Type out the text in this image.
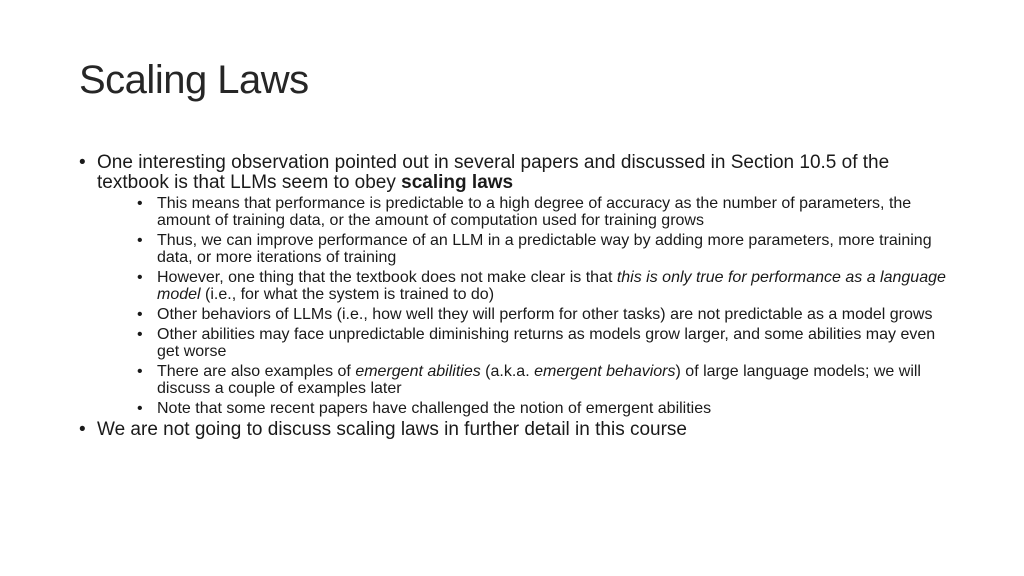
Scaling Laws
• One interesting observation pointed out in several papers and discussed in Section 10.5 of the textbook is that LLMs seem to obey scaling laws
• This means that performance is predictable to a high degree of accuracy as the number of parameters, the amount of training data, or the amount of computation used for training grows
• Thus, we can improve performance of an LLM in a predictable way by adding more parameters, more training data, or more iterations of training
• However, one thing that the textbook does not make clear is that this is only true for performance as a language model (i.e., for what the system is trained to do)
• Other behaviors of LLMs (i.e., how well they will perform for other tasks) are not predictable as a model grows
• Other abilities may face unpredictable diminishing returns as models grow larger, and some abilities may even get worse
• There are also examples of emergent abilities (a.k.a. emergent behaviors) of large language models; we will discuss a couple of examples later
• Note that some recent papers have challenged the notion of emergent abilities
• We are not going to discuss scaling laws in further detail in this course
